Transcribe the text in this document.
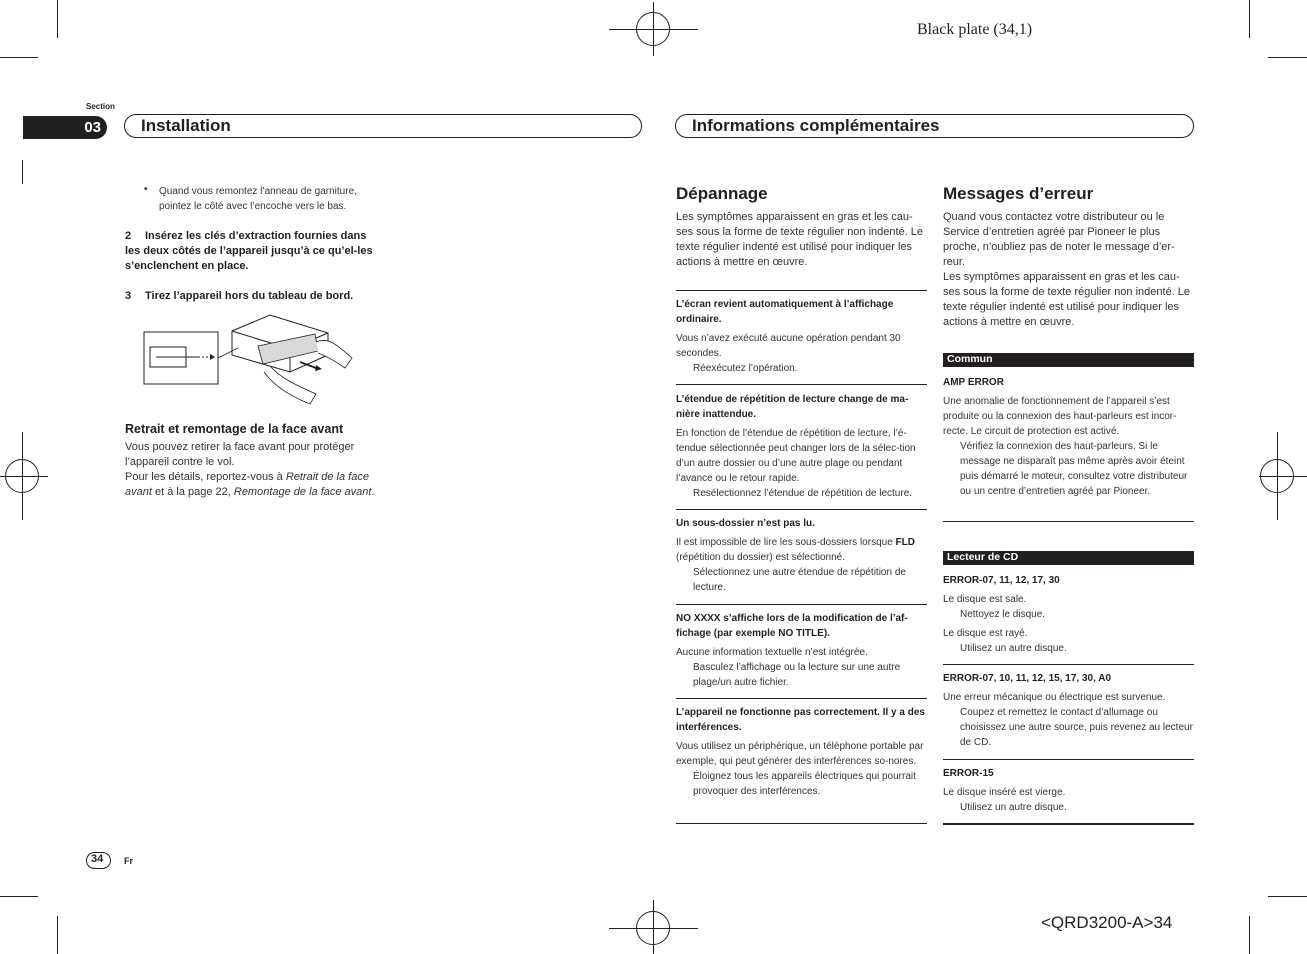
Black plate (34,1)
<QRD3200-A>34
Section
03 Installation	Informations complémentaires
• Quand vous remontez l’anneau de garniture, pointez le côté avec l’encoche vers le bas.
2 Insérez les clés d’extraction fournies dans les deux côtés de l’appareil jusqu’à ce qu’el-les s’enclenchent en place.
3 Tirez l’appareil hors du tableau de bord.
Retrait et remontage de la face avant
Vous pouvez retirer la face avant pour protéger l’appareil contre le vol.
Pour les détails, reportez-vous à Retrait de la face avant et à la page 22, Remontage de la face avant.
Dépannage
Les symptômes apparaissent en gras et les cau-ses sous la forme de texte régulier non indenté. Le texte régulier indenté est utilisé pour indiquer les actions à mettre en œuvre.
L’écran revient automatiquement à l’affichage ordinaire.
Vous n’avez exécuté aucune opération pendant 30 secondes.
Réexécutez l’opération.
L’étendue de répétition de lecture change de ma-nière inattendue.
En fonction de l’étendue de répétition de lecture, l’é-tendue sélectionnée peut changer lors de la sélec-tion d’un autre dossier ou d’une autre plage ou pendant l’avance ou le retour rapide.
Resélectionnez l’étendue de répétition de lecture.
Un sous-dossier n’est pas lu.
Il est impossible de lire les sous-dossiers lorsque FLD (répétition du dossier) est sélectionné.
Sélectionnez une autre étendue de répétition de lecture.
NO XXXX s’affiche lors de la modification de l’af-fichage (par exemple NO TITLE).
Aucune information textuelle n’est intégrée.
Basculez l’affichage ou la lecture sur une autre plage/un autre fichier.
L’appareil ne fonctionne pas correctement. Il y a des interférences.
Vous utilisez un périphérique, un téléphone portable par exemple, qui peut générer des interférences so-nores.
Éloignez tous les appareils électriques qui pourrait provoquer des interférences.
Messages d’erreur
Quand vous contactez votre distributeur ou le Service d’entretien agréé par Pioneer le plus proche, n’oubliez pas de noter le message d’er-reur.
Les symptômes apparaissent en gras et les cau-ses sous la forme de texte régulier non indenté. Le texte régulier indenté est utilisé pour indiquer les actions à mettre en œuvre.
Commun
AMP ERROR
Une anomalie de fonctionnement de l’appareil s’est produite ou la connexion des haut-parleurs est incor-recte. Le circuit de protection est activé.
Vérifiez la connexion des haut-parleurs. Si le message ne disparaît pas même après avoir éteint puis démarré le moteur, consultez votre distributeur ou un centre d’entretien agréé par Pioneer.
Lecteur de CD
ERROR-07, 11, 12, 17, 30
Le disque est sale.
Nettoyez le disque.
Le disque est rayé.
Utilisez un autre disque.
ERROR-07, 10, 11, 12, 15, 17, 30, A0
Une erreur mécanique ou électrique est survenue.
Coupez et remettez le contact d’allumage ou choisissez une autre source, puis revenez au lecteur de CD.
ERROR-15
Le disque inséré est vierge.
Utilisez un autre disque.
34 Fr
